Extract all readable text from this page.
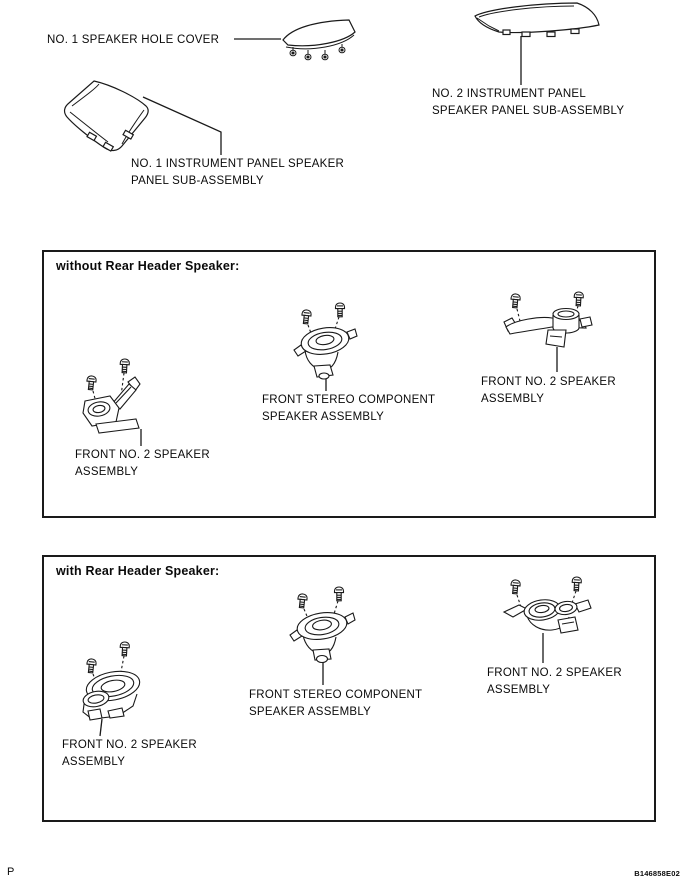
NO. 1 SPEAKER HOLE COVER
NO. 2 INSTRUMENT PANEL
SPEAKER PANEL SUB-ASSEMBLY
NO. 1 INSTRUMENT PANEL SPEAKER
PANEL SUB-ASSEMBLY
without Rear Header Speaker:
FRONT NO. 2 SPEAKER
ASSEMBLY
FRONT STEREO COMPONENT
SPEAKER ASSEMBLY
FRONT NO. 2 SPEAKER
ASSEMBLY
with Rear Header Speaker:
FRONT NO. 2 SPEAKER
ASSEMBLY
FRONT STEREO COMPONENT
SPEAKER ASSEMBLY
FRONT NO. 2 SPEAKER
ASSEMBLY
P	B146858E02
